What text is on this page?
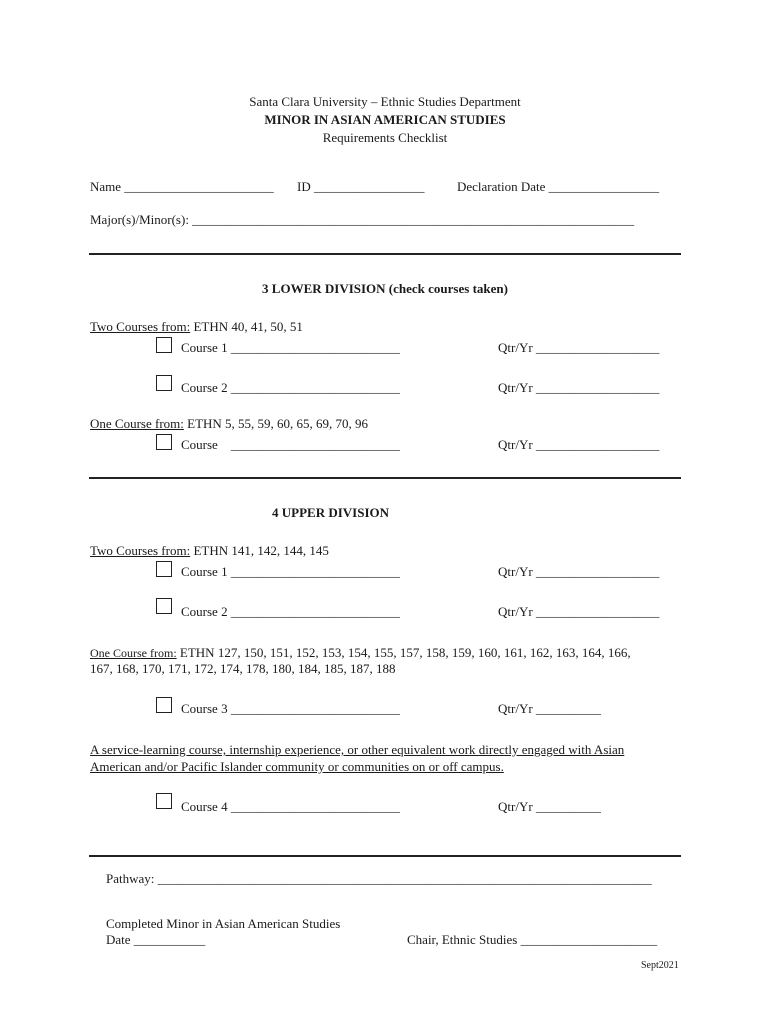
Santa Clara University – Ethnic Studies Department
MINOR IN ASIAN AMERICAN STUDIES
Requirements Checklist
Name _______________________ ID _________________	Declaration Date _________________
Major(s)/Minor(s): ____________________________________________________________________
3 LOWER DIVISION (check courses taken)
Two Courses from: ETHN 40, 41, 50, 51
Course 1 __________________________	Qtr/Yr ___________________
Course 2 __________________________	Qtr/Yr ___________________
One Course from: ETHN 5, 55, 59, 60, 65, 69, 70, 96
Course    __________________________	Qtr/Yr ___________________
4 UPPER DIVISION
Two Courses from: ETHN 141, 142, 144, 145
Course 1 __________________________	Qtr/Yr ___________________
Course 2 __________________________	Qtr/Yr ___________________
One Course from: ETHN 127, 150, 151, 152, 153, 154, 155, 157, 158, 159, 160, 161, 162, 163, 164, 166,
167, 168, 170, 171, 172, 174, 178, 180, 184, 185, 187, 188
Course 3 __________________________	Qtr/Yr __________
A service-learning course, internship experience, or other equivalent work directly engaged with Asian
American and/or Pacific Islander community or communities on or off campus.
Course 4 __________________________	Qtr/Yr __________
Pathway: ____________________________________________________________________________
Completed Minor in Asian American Studies
Date ___________	Chair, Ethnic Studies _____________________
Sept2021
